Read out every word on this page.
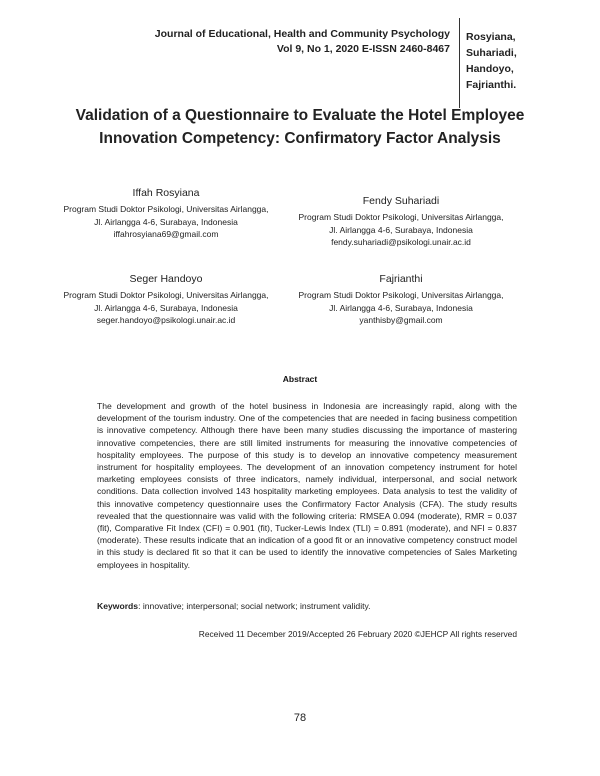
Journal of Educational, Health and Community Psychology
Vol 9, No 1, 2020 E-ISSN 2460-8467
Rosyiana,
Suhariadi,
Handoyo,
Fajrianthi.
Validation of a Questionnaire to Evaluate the Hotel Employee
Innovation Competency: Confirmatory Factor Analysis
Iffah Rosyiana
Program Studi Doktor Psikologi, Universitas Airlangga,
Jl. Airlangga 4-6, Surabaya, Indonesia
iffahrosyiana69@gmail.com
Fendy Suhariadi
Program Studi Doktor Psikologi, Universitas Airlangga,
Jl. Airlangga 4-6, Surabaya, Indonesia
fendy.suhariadi@psikologi.unair.ac.id
Seger Handoyo
Program Studi Doktor Psikologi, Universitas Airlangga,
Jl. Airlangga 4-6, Surabaya, Indonesia
seger.handoyo@psikologi.unair.ac.id
Fajrianthi
Program Studi Doktor Psikologi, Universitas Airlangga,
Jl. Airlangga 4-6, Surabaya, Indonesia
yanthisby@gmail.com
Abstract
The development and growth of the hotel business in Indonesia are increasingly rapid, along with the development of the tourism industry. One of the competencies that are needed in facing business competition is innovative competency. Although there have been many studies discussing the importance of mastering innovative competencies, there are still limited instruments for measuring the innovative competencies of hospitality employees. The purpose of this study is to develop an innovative competency measurement instrument for hospitality employees. The development of an innovation competency instrument for hotel marketing employees consists of three indicators, namely individual, interpersonal, and social network conditions. Data collection involved 143 hospitality marketing employees. Data analysis to test the validity of this innovative competency questionnaire uses the Confirmatory Factor Analysis (CFA). The study results revealed that the questionnaire was valid with the following criteria: RMSEA 0.094 (moderate), RMR = 0.037 (fit), Comparative Fit Index (CFI) = 0.901 (fit), Tucker-Lewis Index (TLI) = 0.891 (moderate), and NFI = 0.837 (moderate). These results indicate that an indication of a good fit or an innovative competency construct model in this study is declared fit so that it can be used to identify the innovative competencies of Sales Marketing employees in hospitality.
Keywords: innovative; interpersonal; social network; instrument validity.
Received 11 December 2019/Accepted 26 February 2020 ©JEHCP All rights reserved
78
